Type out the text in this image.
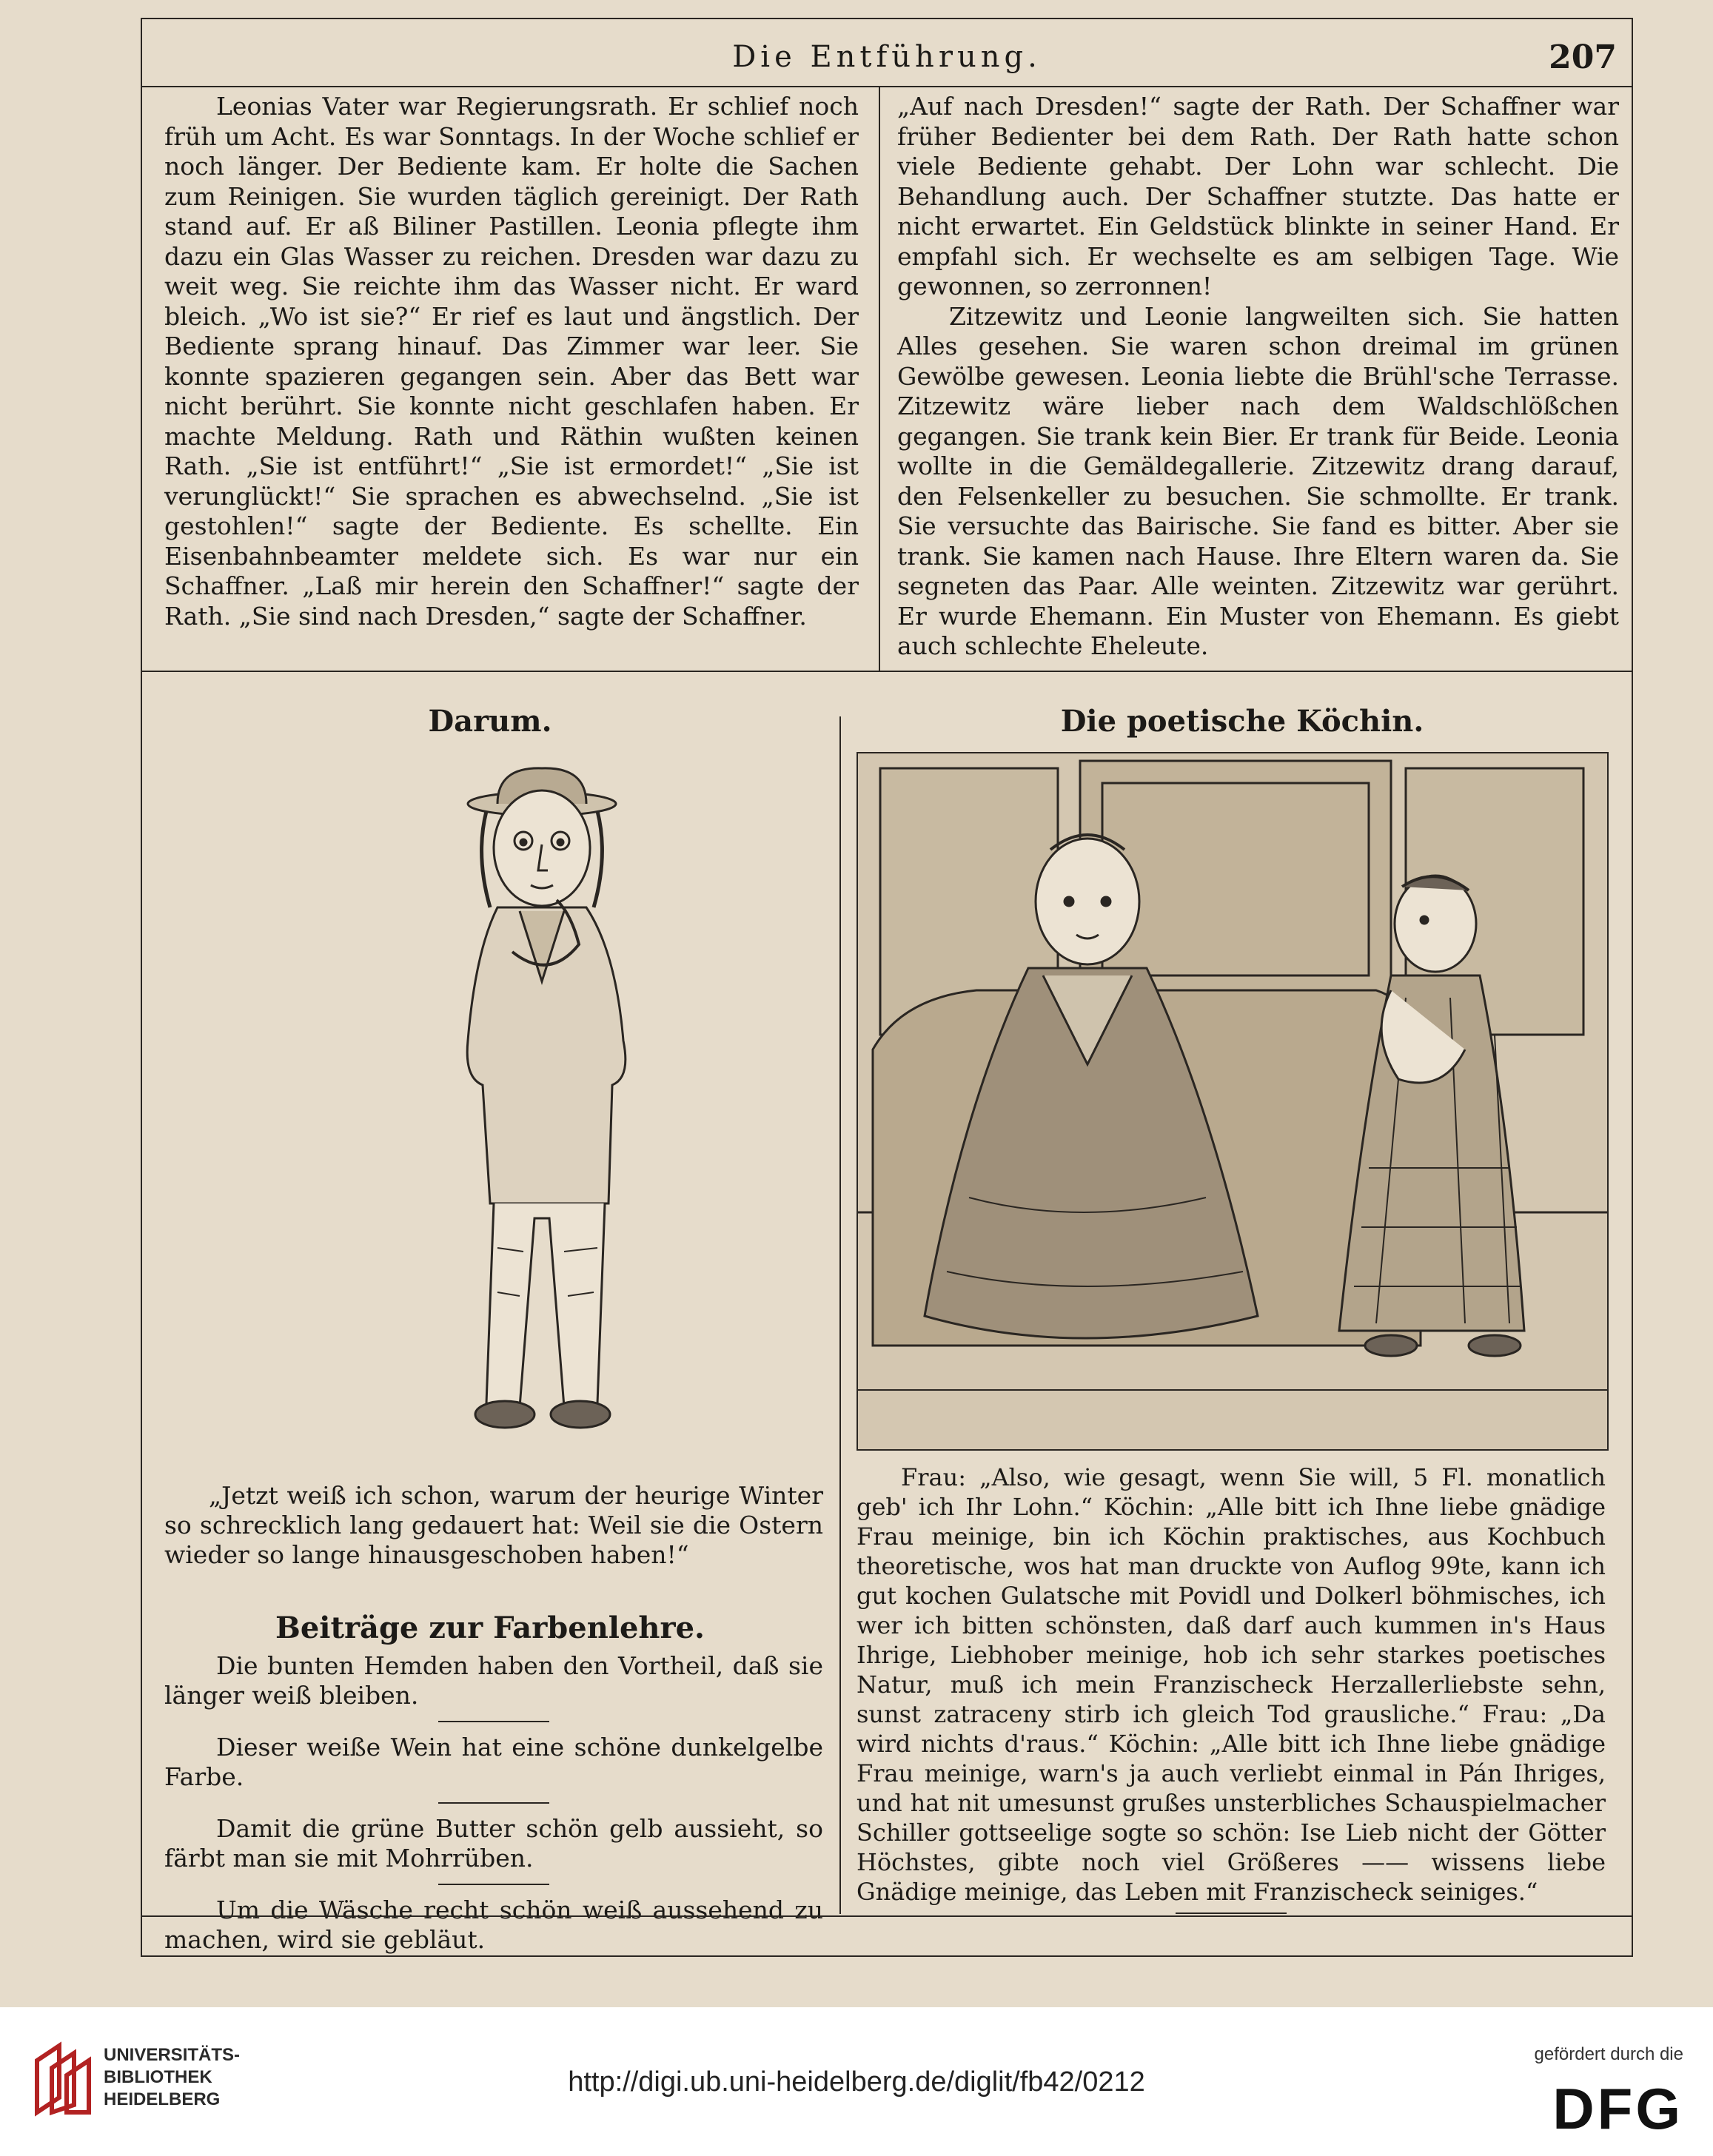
Die Entführung.	207

Leonias Vater war Regierungsrath. Er schlief noch früh um Acht. Es war Sonntags. In der Woche schlief er noch länger. Der Bediente kam. Er holte die Sachen zum Reinigen. Sie wurden täglich gereinigt. Der Rath stand auf. Er aß Biliner Pastillen. Leonia pflegte ihm dazu ein Glas Wasser zu reichen. Dresden war dazu zu weit weg. Sie reichte ihm das Wasser nicht. Er ward bleich. „Wo ist sie?“ Er rief es laut und ängstlich. Der Bediente sprang hinauf. Das Zimmer war leer. Sie konnte spazieren gegangen sein. Aber das Bett war nicht berührt. Sie konnte nicht geschlafen haben. Er machte Meldung. Rath und Räthin wußten keinen Rath. „Sie ist entführt!“ „Sie ist ermordet!“ „Sie ist verunglückt!“ Sie sprachen es abwechselnd. „Sie ist gestohlen!“ sagte der Bediente. Es schellte. Ein Eisenbahnbeamter meldete sich. Es war nur ein Schaffner. „Laß mir herein den Schaffner!“ sagte der Rath. „Sie sind nach Dresden,“ sagte der Schaffner.

„Auf nach Dresden!“ sagte der Rath. Der Schaffner war früher Bedienter bei dem Rath. Der Rath hatte schon viele Bediente gehabt. Der Lohn war schlecht. Die Behandlung auch. Der Schaffner stutzte. Das hatte er nicht erwartet. Ein Geldstück blinkte in seiner Hand. Er empfahl sich. Er wechselte es am selbigen Tage. Wie gewonnen, so zerronnen!

Zitzewitz und Leonie langweilten sich. Sie hatten Alles gesehen. Sie waren schon dreimal im grünen Gewölbe gewesen. Leonia liebte die Brühl'sche Terrasse. Zitzewitz wäre lieber nach dem Waldschlößchen gegangen. Sie trank kein Bier. Er trank für Beide. Leonia wollte in die Gemäldegallerie. Zitzewitz drang darauf, den Felsenkeller zu besuchen. Sie schmollte. Er trank. Sie versuchte das Bairische. Sie fand es bitter. Aber sie trank. Sie kamen nach Hause. Ihre Eltern waren da. Sie segneten das Paar. Alle weinten. Zitzewitz war gerührt. Er wurde Ehemann. Ein Muster von Ehemann. Es giebt auch schlechte Eheleute.

Darum.	Die poetische Köchin.

„Jetzt weiß ich schon, warum der heurige Winter so schrecklich lang gedauert hat: Weil sie die Ostern wieder so lange hinausgeschoben haben!“

Beiträge zur Farbenlehre.

Die bunten Hemden haben den Vortheil, daß sie länger weiß bleiben.

Dieser weiße Wein hat eine schöne dunkelgelbe Farbe.

Damit die grüne Butter schön gelb aussieht, so färbt man sie mit Mohrrüben.

Um die Wäsche recht schön weiß aussehend zu machen, wird sie gebläut.

Frau: „Also, wie gesagt, wenn Sie will, 5 Fl. monatlich geb' ich Ihr Lohn.“ Köchin: „Alle bitt ich Ihne liebe gnädige Frau meinige, bin ich Köchin praktisches, aus Kochbuch theoretische, wos hat man druckte von Auflog 99te, kann ich gut kochen Gulatsche mit Povidl und Dolkerl böhmisches, ich wer ich bitten schönsten, daß darf auch kummen in's Haus Ihrige, Liebhober meinige, hob ich sehr starkes poetisches Natur, muß ich mein Franzischeck Herzallerliebste sehn, sunst zatraceny stirb ich gleich Tod grausliche.“ Frau: „Da wird nichts d'raus.“ Köchin: „Alle bitt ich Ihne liebe gnädige Frau meinige, warn's ja auch verliebt einmal in Pán Ihriges, und hat nit umesunst grußes unsterbliches Schauspielmacher Schiller gottseelige sogte so schön: Ise Lieb nicht der Götter Höchstes, gibte noch viel Größeres —— wissens liebe Gnädige meinige, das Leben mit Franzischeck seiniges.“

UNIVERSITÄTS-
BIBLIOTHEK
HEIDELBERG
http://digi.ub.uni-heidelberg.de/diglit/fb42/0212
gefördert durch die
DFG
